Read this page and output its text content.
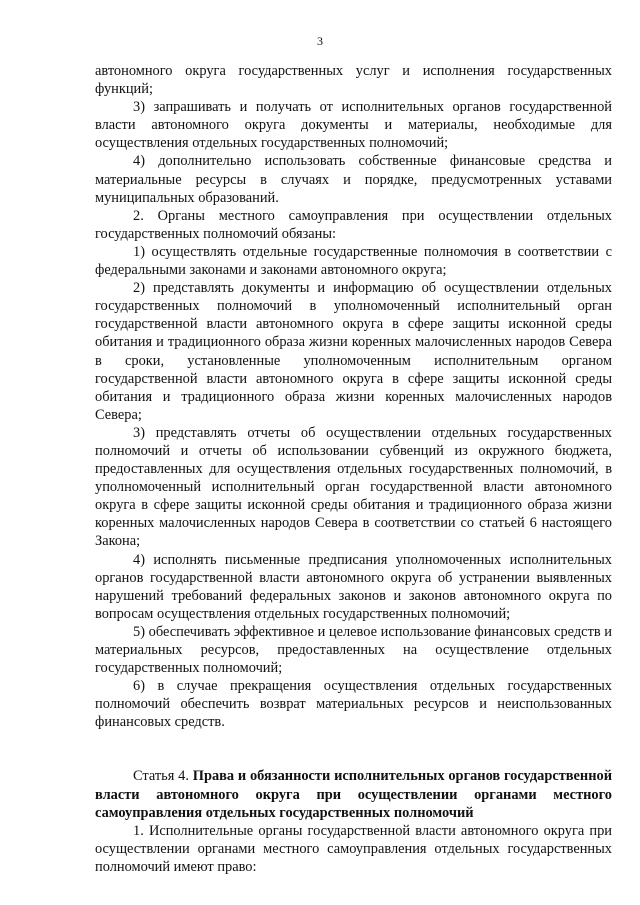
3

автономного округа государственных услуг и исполнения государственных функций;

3) запрашивать и получать от исполнительных органов государственной власти автономного округа документы и материалы, необходимые для осуществления отдельных государственных полномочий;

4) дополнительно использовать собственные финансовые средства и материальные ресурсы в случаях и порядке, предусмотренных уставами муниципальных образований.

2. Органы местного самоуправления при осуществлении отдельных государственных полномочий обязаны:

1) осуществлять отдельные государственные полномочия в соответствии с федеральными законами и законами автономного округа;

2) представлять документы и информацию об осуществлении отдельных государственных полномочий в уполномоченный исполнительный орган государственной власти автономного округа в сфере защиты исконной среды обитания и традиционного образа жизни коренных малочисленных народов Севера в сроки, установленные уполномоченным исполнительным органом государственной власти автономного округа в сфере защиты исконной среды обитания и традиционного образа жизни коренных малочисленных народов Севера;

3) представлять отчеты об осуществлении отдельных государственных полномочий и отчеты об использовании субвенций из окружного бюджета, предоставленных для осуществления отдельных государственных полномочий, в уполномоченный исполнительный орган государственной власти автономного округа в сфере защиты исконной среды обитания и традиционного образа жизни коренных малочисленных народов Севера в соответствии со статьей 6 настоящего Закона;

4) исполнять письменные предписания уполномоченных исполнительных органов государственной власти автономного округа об устранении выявленных нарушений требований федеральных законов и законов автономного округа по вопросам осуществления отдельных государственных полномочий;

5) обеспечивать эффективное и целевое использование финансовых средств и материальных ресурсов, предоставленных на осуществление отдельных государственных полномочий;

6) в случае прекращения осуществления отдельных государственных полномочий обеспечить возврат материальных ресурсов и неиспользованных финансовых средств.

Статья 4. Права и обязанности исполнительных органов государственной власти автономного округа при осуществлении органами местного самоуправления отдельных государственных полномочий

1. Исполнительные органы государственной власти автономного округа при осуществлении органами местного самоуправления отдельных государственных полномочий имеют право:
